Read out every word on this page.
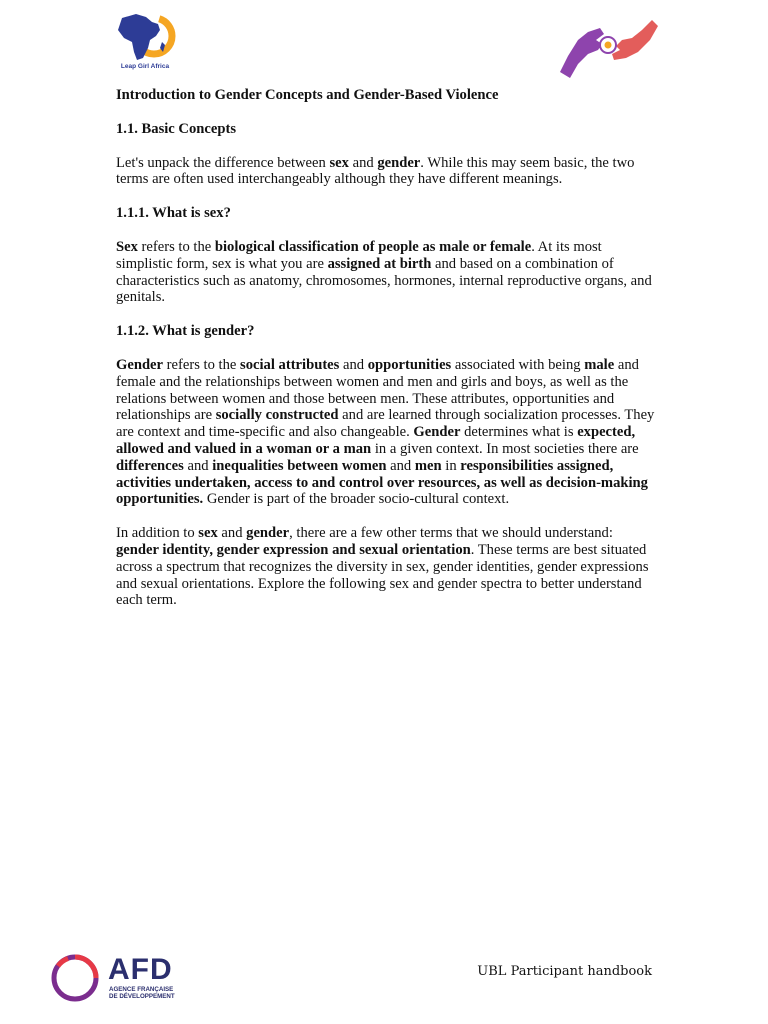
Leap Girl Africa
Introduction to Gender Concepts and Gender-Based Violence
1.1. Basic Concepts

Let's unpack the difference between sex and gender. While this may seem basic, the two terms are often used interchangeably although they have different meanings.

1.1.1. What is sex?

Sex refers to the biological classification of people as male or female. At its most simplistic form, sex is what you are assigned at birth and based on a combination of characteristics such as anatomy, chromosomes, hormones, internal reproductive organs, and genitals.

1.1.2. What is gender?

Gender refers to the social attributes and opportunities associated with being male and female and the relationships between women and men and girls and boys, as well as the relations between women and those between men. These attributes, opportunities and relationships are socially constructed and are learned through socialization processes. They are context and time-specific and also changeable. Gender determines what is expected, allowed and valued in a woman or a man in a given context. In most societies there are differences and inequalities between women and men in responsibilities assigned, activities undertaken, access to and control over resources, as well as decision-making opportunities. Gender is part of the broader socio-cultural context.

In addition to sex and gender, there are a few other terms that we should understand: gender identity, gender expression and sexual orientation. These terms are best situated across a spectrum that recognizes the diversity in sex, gender identities, gender expressions and sexual orientations. Explore the following sex and gender spectra to better understand each term.

AFD
AGENCE FRANÇAISE
DE DÉVELOPPEMENT
UBL Participant handbook
